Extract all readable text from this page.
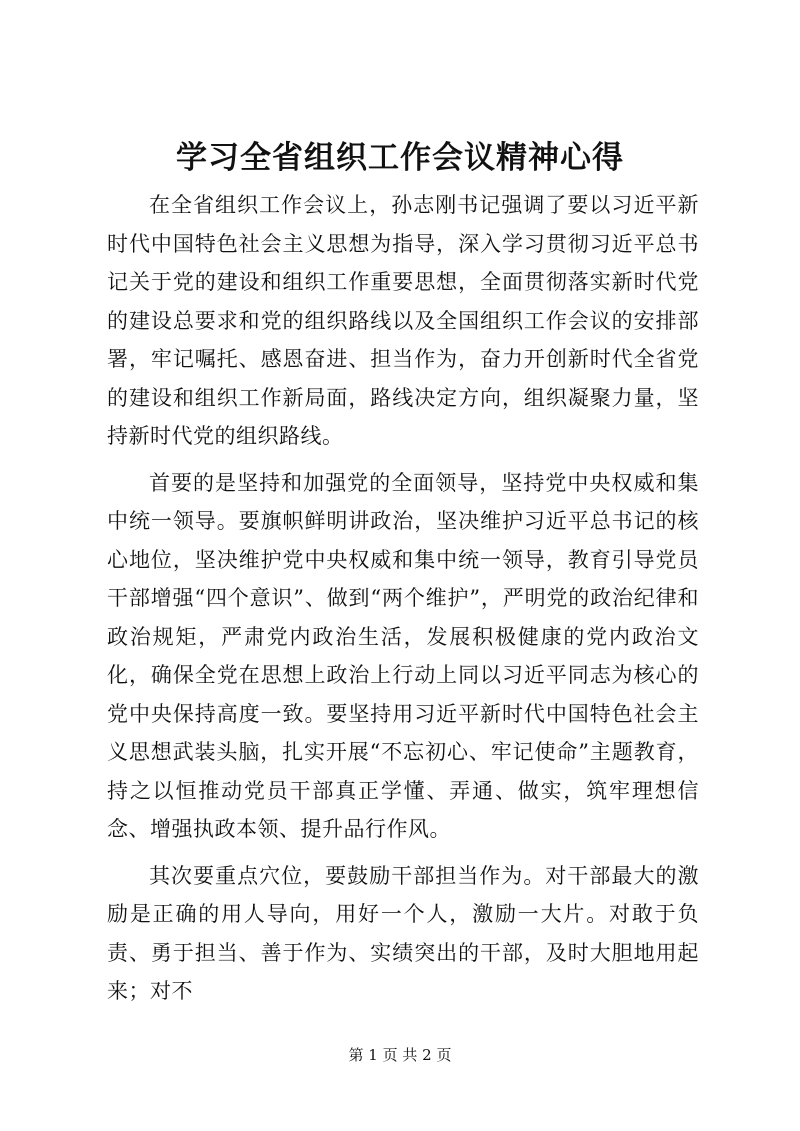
学习全省组织工作会议精神心得

在全省组织工作会议上，孙志刚书记强调了要以习近平新时代中国特色社会主义思想为指导，深入学习贯彻习近平总书记关于党的建设和组织工作重要思想，全面贯彻落实新时代党的建设总要求和党的组织路线以及全国组织工作会议的安排部署，牢记嘱托、感恩奋进、担当作为，奋力开创新时代全省党的建设和组织工作新局面，路线决定方向，组织凝聚力量，坚持新时代党的组织路线。

首要的是坚持和加强党的全面领导，坚持党中央权威和集中统一领导。要旗帜鲜明讲政治，坚决维护习近平总书记的核心地位，坚决维护党中央权威和集中统一领导，教育引导党员干部增强“四个意识”、做到“两个维护”，严明党的政治纪律和政治规矩，严肃党内政治生活，发展积极健康的党内政治文化，确保全党在思想上政治上行动上同以习近平同志为核心的党中央保持高度一致。要坚持用习近平新时代中国特色社会主义思想武装头脑，扎实开展“不忘初心、牢记使命”主题教育，持之以恒推动党员干部真正学懂、弄通、做实，筑牢理想信念、增强执政本领、提升品行作风。

其次要重点穴位，要鼓励干部担当作为。对干部最大的激励是正确的用人导向，用好一个人，激励一大片。对敢于负责、勇于担当、善于作为、实绩突出的干部，及时大胆地用起来；对不

第 1 页 共 2 页
